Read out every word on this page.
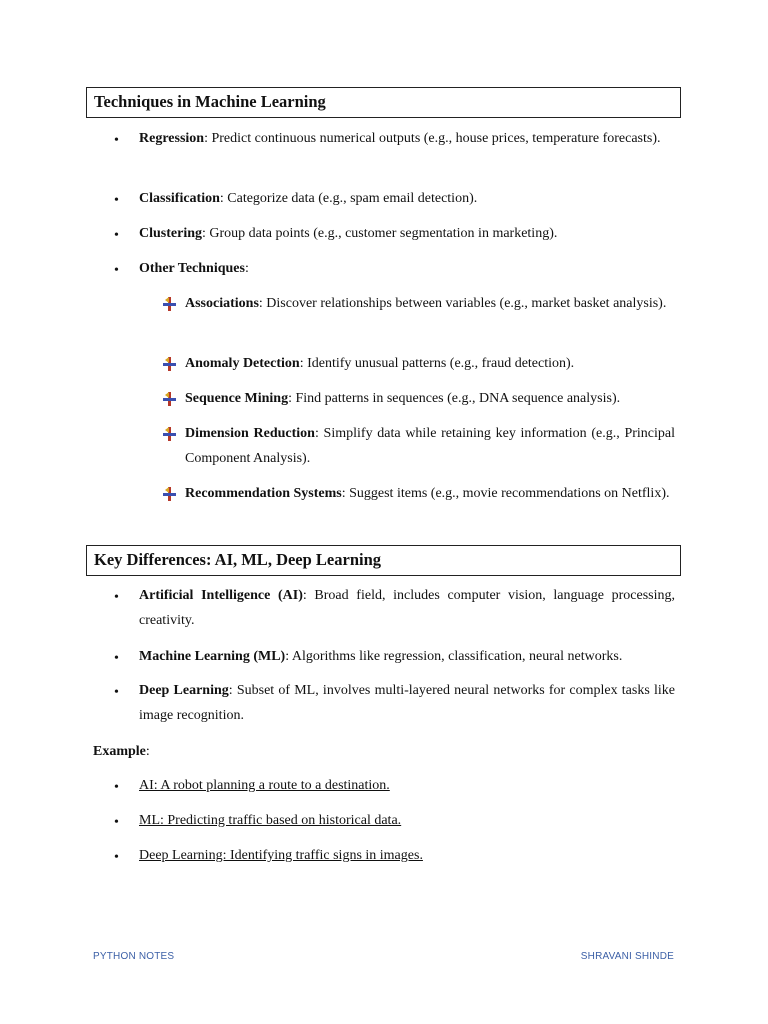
Techniques in Machine Learning
• Regression: Predict continuous numerical outputs (e.g., house prices, temperature forecasts).
• Classification: Categorize data (e.g., spam email detection).
• Clustering: Group data points (e.g., customer segmentation in marketing).
• Other Techniques:
Associations: Discover relationships between variables (e.g., market basket analysis).
Anomaly Detection: Identify unusual patterns (e.g., fraud detection).
Sequence Mining: Find patterns in sequences (e.g., DNA sequence analysis).
Dimension Reduction: Simplify data while retaining key information (e.g., Principal Component Analysis).
Recommendation Systems: Suggest items (e.g., movie recommendations on Netflix).
Key Differences: AI, ML, Deep Learning
• Artificial Intelligence (AI): Broad field, includes computer vision, language processing, creativity.
• Machine Learning (ML): Algorithms like regression, classification, neural networks.
• Deep Learning: Subset of ML, involves multi-layered neural networks for complex tasks like image recognition.
Example:
• AI: A robot planning a route to a destination.
• ML: Predicting traffic based on historical data.
• Deep Learning: Identifying traffic signs in images.
PYTHON NOTES	SHRAVANI SHINDE
